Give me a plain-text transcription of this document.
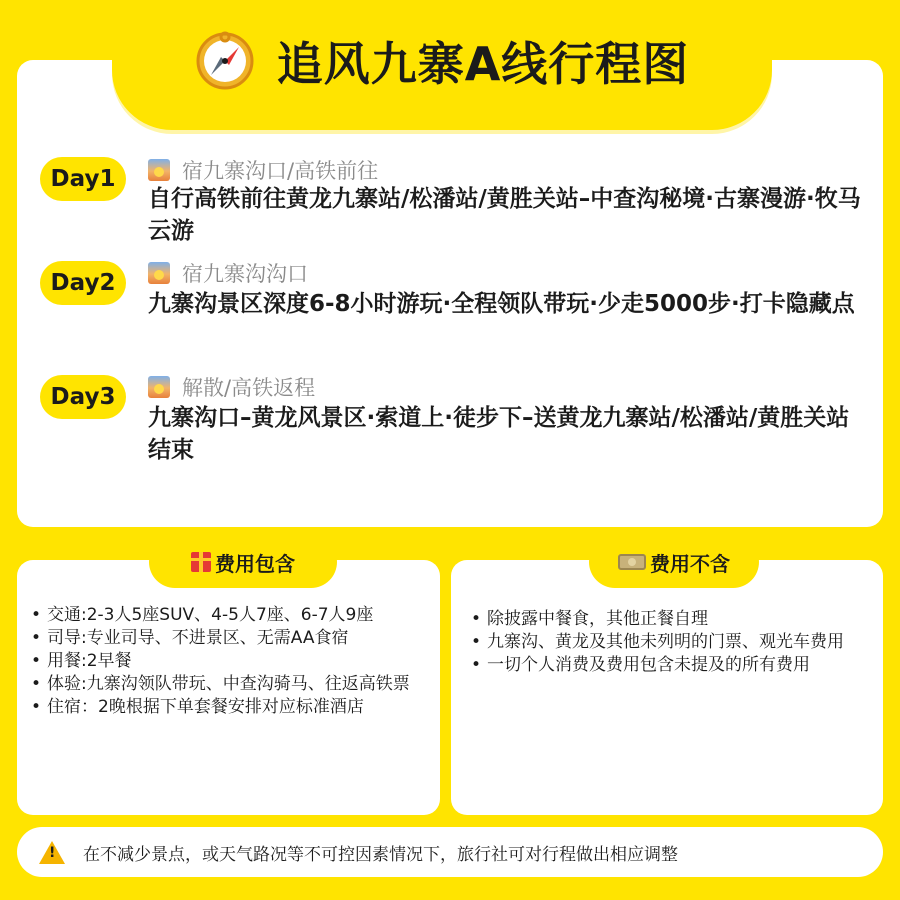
追风九寨A线行程图
Day1	宿九寨沟口/高铁前往
自行高铁前往黄龙九寨站/松潘站/黄胜关站–中查沟秘境·古寨漫游·牧马云游
Day2	宿九寨沟沟口
九寨沟景区深度6-8小时游玩·全程领队带玩·少走5000步·打卡隐藏点
Day3	解散/高铁返程
九寨沟口–黄龙风景区·索道上·徒步下–送黄龙九寨站/松潘站/黄胜关站结束
费用包含
• 交通:2-3人5座SUV、4-5人7座、6-7人9座
• 司导:专业司导、不进景区、无需AA食宿
• 用餐:2早餐
• 体验:九寨沟领队带玩、中查沟骑马、往返高铁票
• 住宿：2晚根据下单套餐安排对应标准酒店
费用不含
• 除披露中餐食，其他正餐自理
• 九寨沟、黄龙及其他未列明的门票、观光车费用
• 一切个人消费及费用包含未提及的所有费用
! 在不减少景点，或天气路况等不可控因素情况下，旅行社可对行程做出相应调整
